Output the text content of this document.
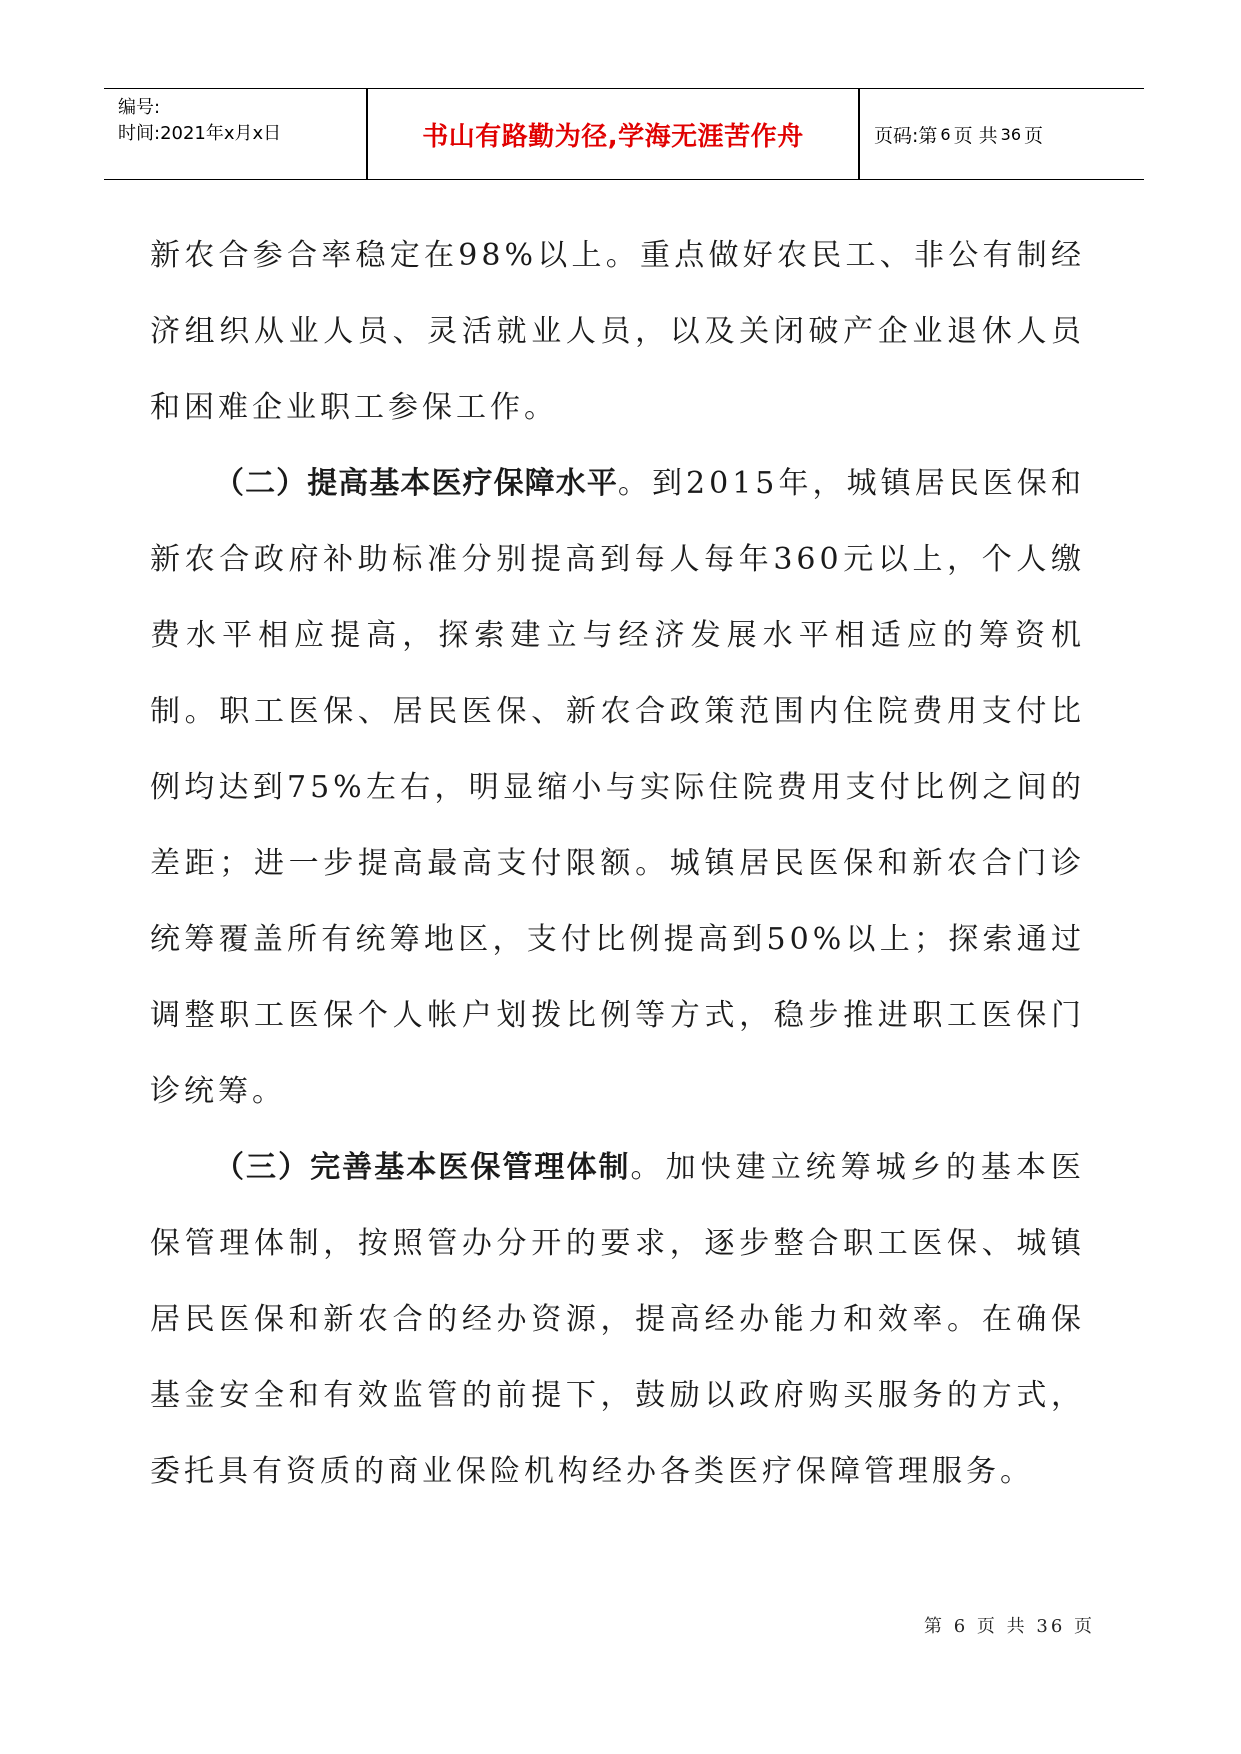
编号:
时间:2021年x月x日	书山有路勤为径,学海无涯苦作舟	页码:第 6 页 共 36 页

新农合参合率稳定在98%以上。重点做好农民工、非公有制经济组织从业人员、灵活就业人员，以及关闭破产企业退休人员和困难企业职工参保工作。

（二）提高基本医疗保障水平。到2015年，城镇居民医保和新农合政府补助标准分别提高到每人每年360元以上，个人缴费水平相应提高，探索建立与经济发展水平相适应的筹资机制。职工医保、居民医保、新农合政策范围内住院费用支付比例均达到75%左右，明显缩小与实际住院费用支付比例之间的差距；进一步提高最高支付限额。城镇居民医保和新农合门诊统筹覆盖所有统筹地区，支付比例提高到50%以上；探索通过调整职工医保个人帐户划拨比例等方式，稳步推进职工医保门诊统筹。

（三）完善基本医保管理体制。加快建立统筹城乡的基本医保管理体制，按照管办分开的要求，逐步整合职工医保、城镇居民医保和新农合的经办资源，提高经办能力和效率。在确保基金安全和有效监管的前提下，鼓励以政府购买服务的方式，委托具有资质的商业保险机构经办各类医疗保障管理服务。

第 6 页 共 36 页
